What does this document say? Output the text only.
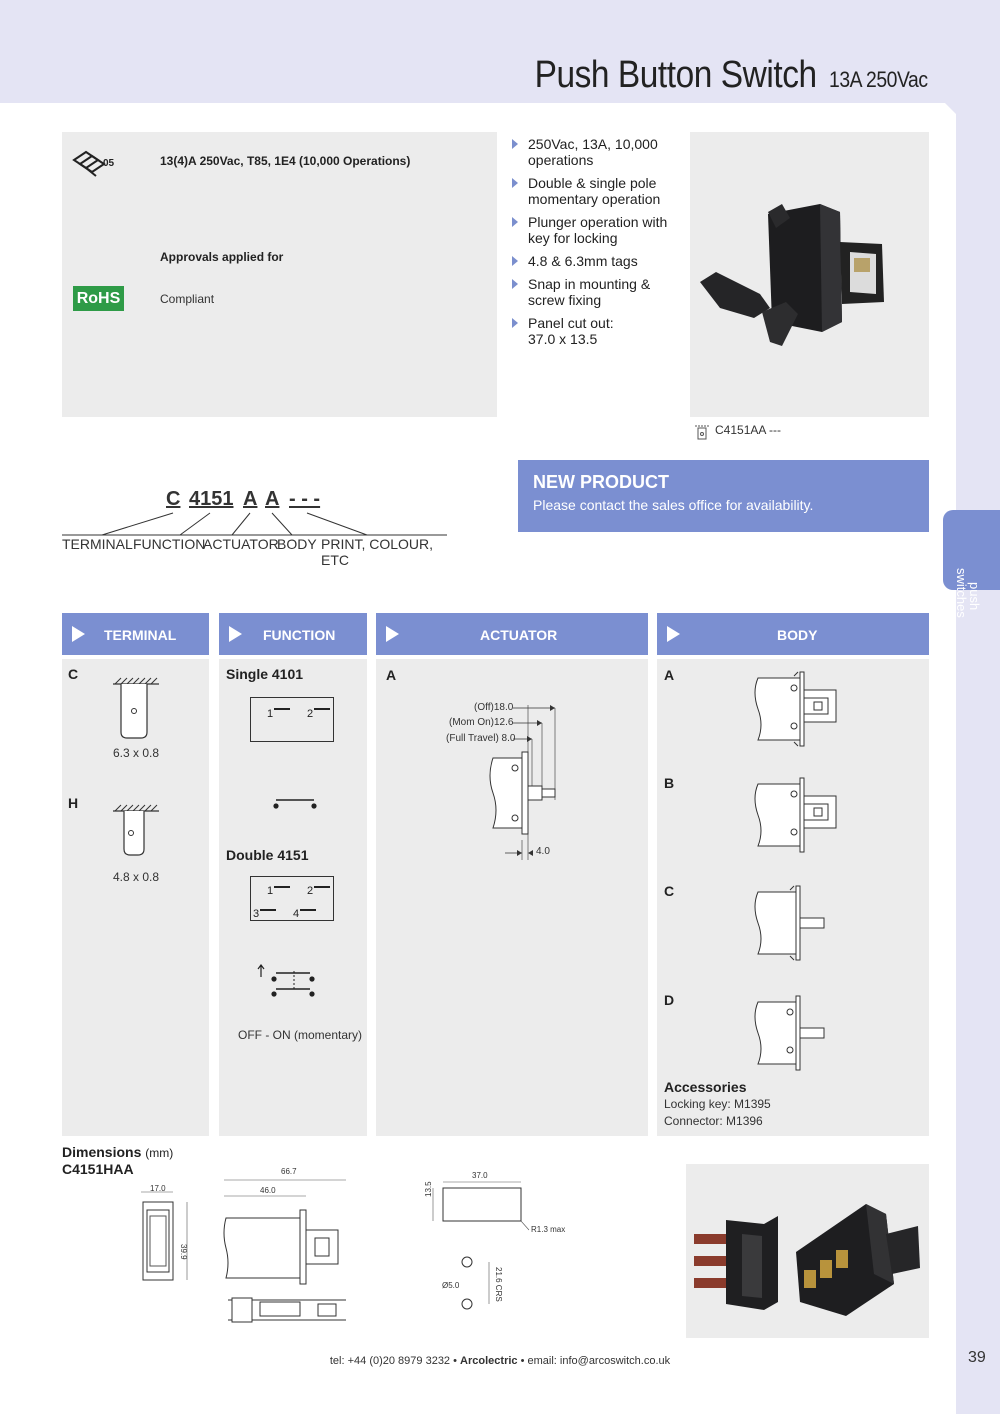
Push Button Switch 13A 250Vac
push
switches
05	13(4)A 250Vac, T85, 1E4 (10,000 Operations)
Approvals applied for
RoHS	Compliant
250Vac, 13A, 10,000 operations
Double & single pole momentary operation
Plunger operation with key for locking
4.8 & 6.3mm tags
Snap in mounting & screw fixing
Panel cut out: 37.0 x 13.5
C4151AA ---
C 4151 A A - - -
TERMINAL FUNCTION
ACTUATOR
BODY PRINT, COLOUR, ETC
NEW PRODUCT
Please contact the sales office for availability.
TERMINAL	FUNCTION	ACTUATOR	BODY
C
6.3 x 0.8
H
4.8 x 0.8
Single 4101
1	2
Double 4151
1	2
3	4
OFF - ON (momentary)
A
(Off)18.0
(Mom On)12.6
(Full Travel) 8.0
4.0
A
B
C
D
Accessories
Locking key: M1395
Connector: M1396
Dimensions (mm)
C4151HAA
17.0
39.9
66.7
46.0
37.0
13.5
R1.3 max
Ø5.0	21.6 CRS
tel: +44 (0)20 8979 3232 • Arcolectric • email: info@arcoswitch.co.uk	39
